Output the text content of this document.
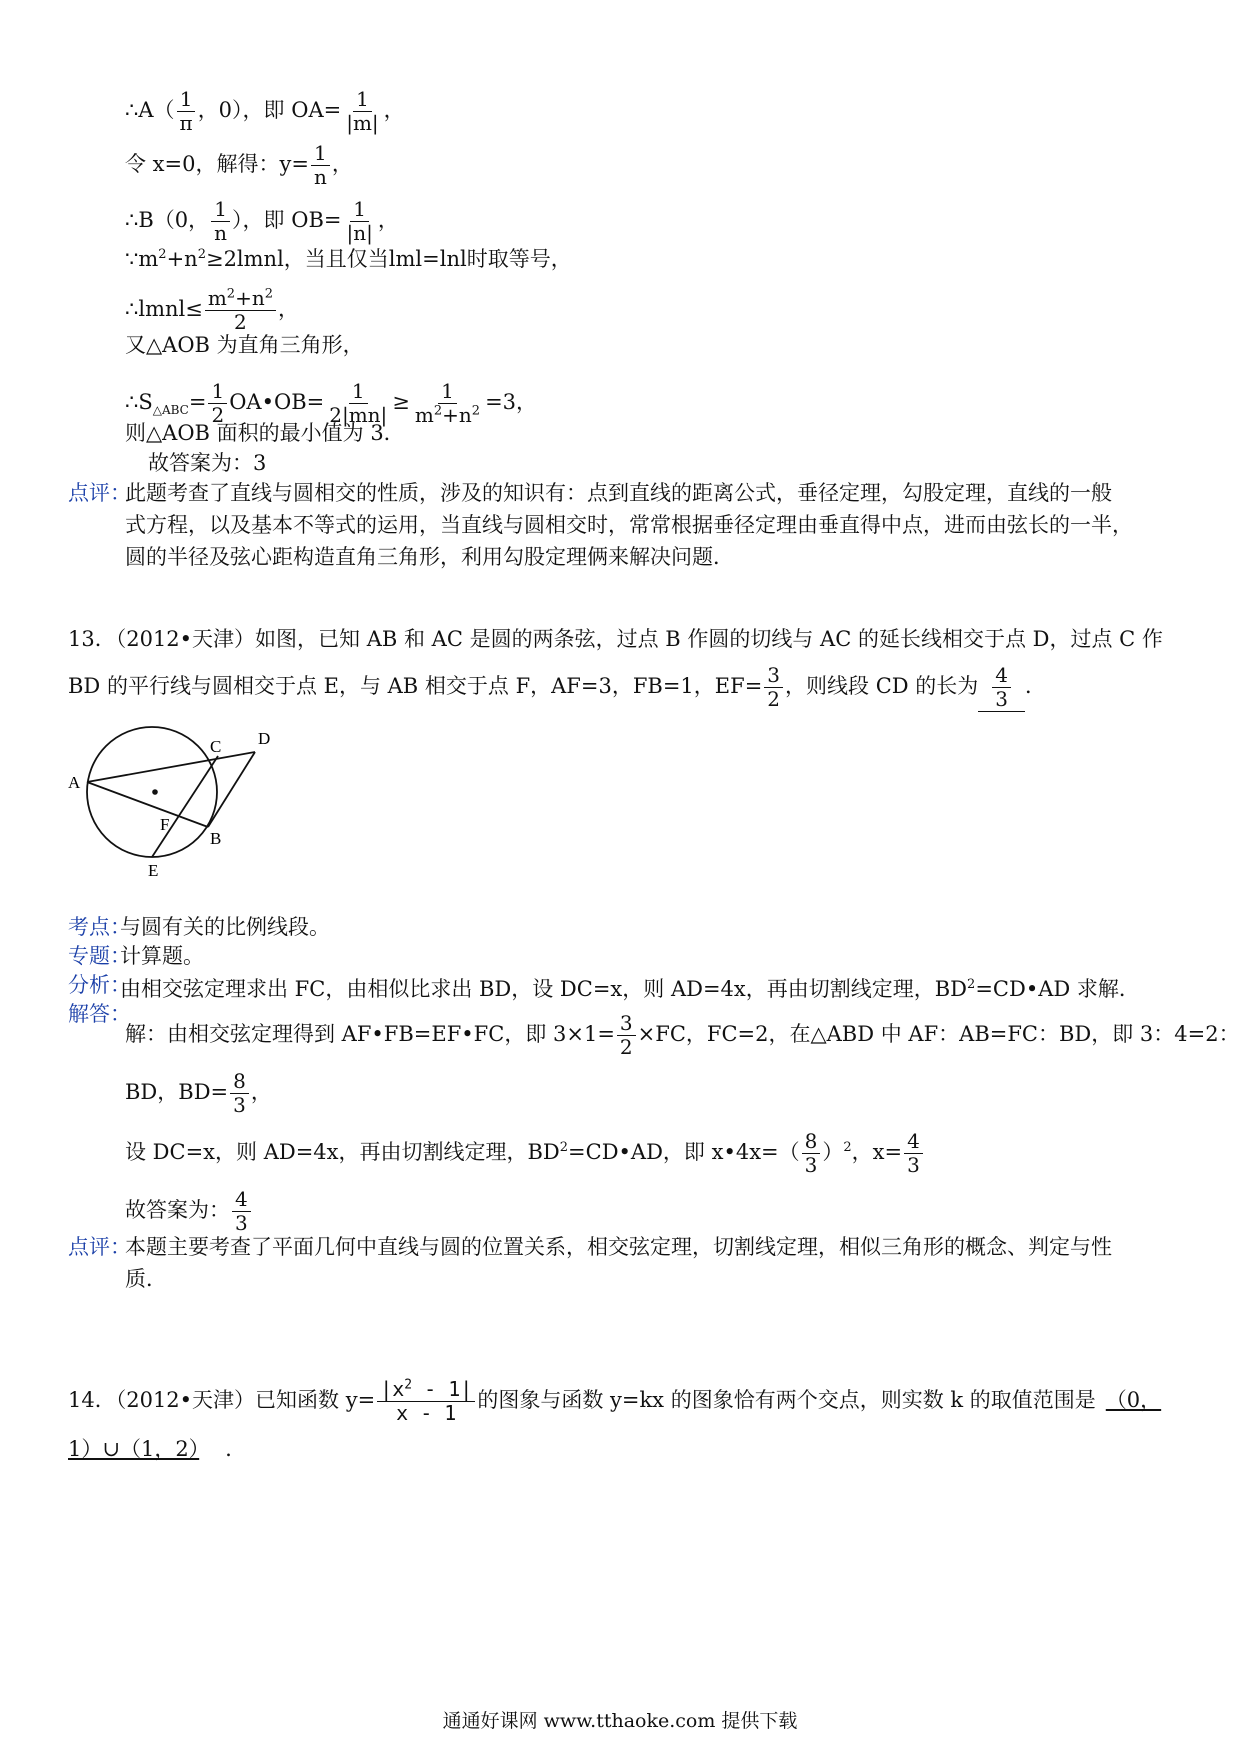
∴A（ $\frac{1}{\pi}$ ，0），即 $OA= \frac{1}{|m|}$ ，
令 x=0，解得：$y= \frac{1}{n}$ ，
∴B（0， $\frac{1}{n}$ ），即 $OB= \frac{1}{|n|}$ ，
$\because m^2+n^2\ge 2lmnl$，当且仅当lml=lnl时取等号，
∴lmnl≤ $\frac{m^2+n^2}{2}$ ，
又△AOB 为直角三角形，
$\therefore S_{\triangle ABC}= \frac{1}{2}$ OA•OB= $\frac{1}{2|mn|} \ge \frac{1}{m^2+n^2} =3$，
则△AOB 面积的最小值为 3．
故答案为：3
点评：
此题考查了直线与圆相交的性质，涉及的知识有：点到直线的距离公式，垂径定理，勾股定理，直线的一般
式方程，以及基本不等式的运用，当直线与圆相交时，常常根据垂径定理由垂直得中点，进而由弦长的一半，
圆的半径及弦心距构造直角三角形，利用勾股定理俩来解决问题．
13．（2012•天津）如图，已知 AB 和 AC 是圆的两条弦，过点 B 作圆的切线与 AC 的延长线相交于点 D，过点 C 作
BD 的平行线与圆相交于点 E，与 AB 相交于点 F，AF=3，FB=1，$EF= \frac{3}{2}$ ，则线段 CD 的长为 $\frac{4}{3}$ ．
A
C D
F
B
E
考点：
与圆有关的比例线段。
专题：
计算题。
分析：
由相交弦定理求出 FC，由相似比求出 BD，设 DC=x，则 AD=4x，再由切割线定理，$BD^2=CD•AD$ 求解．
解答：
解：由相交弦定理得到 AF•FB=EF•FC，即 $3\times 1= \frac{3}{2} \times FC$，FC=2，在△ABD 中 AF：AB=FC：BD，即 3：4=2：
BD，$BD= \frac{8}{3}$ ，
设 DC=x，则 AD=4x，再由切割线定理，$BD^2=CD•AD$，即 x•4x=（ $\frac{8}{3} )^2$，$x= \frac{4}{3}$
故答案为： $\frac{4}{3}$
点评：
本题主要考查了平面几何中直线与圆的位置关系，相交弦定理，切割线定理，相似三角形的概念、判定与性
质．
14．（2012•天津）已知函数 $y= \frac{|x^2 - 1|}{x - 1}$ 的图象与函数 y=kx 的图象恰有两个交点，则实数 k 的取值范围是 （0，
1）∪（1，2） ．
通通好课网 www.tthaoke.com 提供下载
